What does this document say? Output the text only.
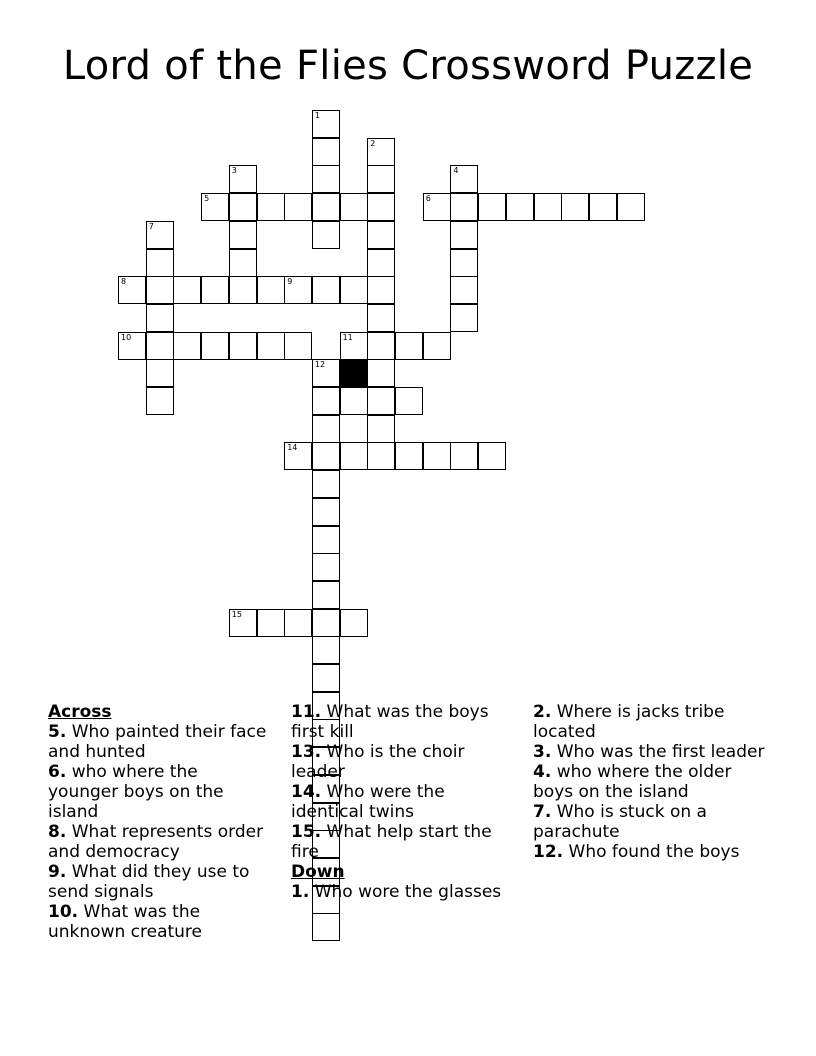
Lord of the Flies Crossword Puzzle
5	6
9
11
14
15
1
2
3	4
7
12
8
10
Across
5. Who painted their face and hunted
6. who where the younger boys on the island
8. What represents order and democracy
9. What did they use to send signals
10. What was the unknown creature
11. What was the boys first kill
13. Who is the choir leader
14. Who were the identical twins
15. What help start the fire
Down
1. Who wore the glasses
2. Where is jacks tribe located
3. Who was the first leader
4. who where the older boys on the island
7. Who is stuck on a parachute
12. Who found the boys
